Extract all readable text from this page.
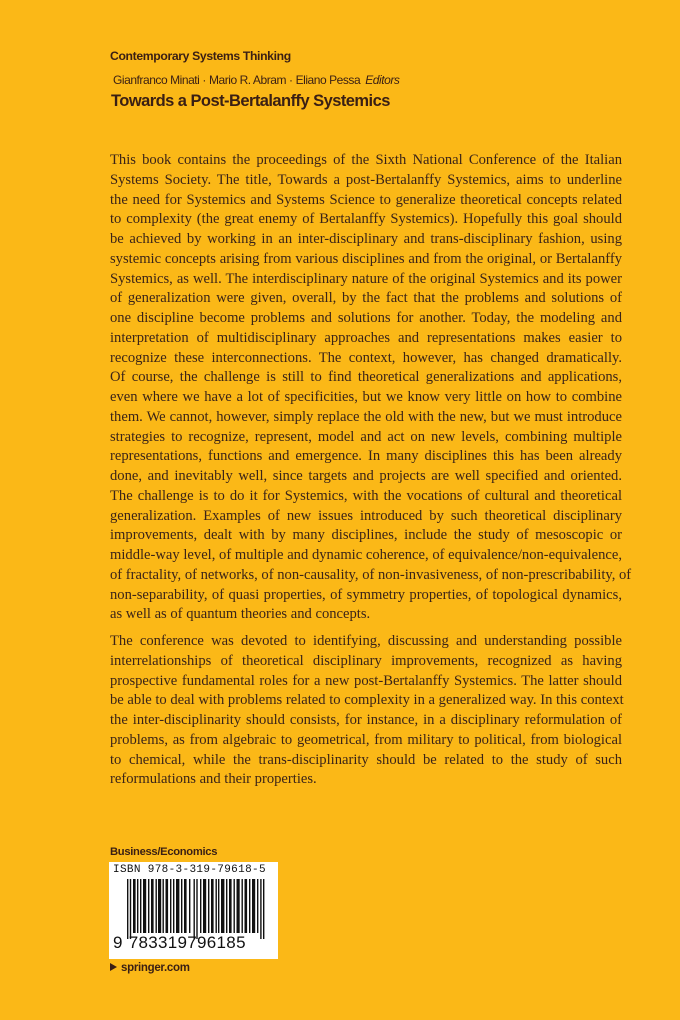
Contemporary Systems Thinking
Gianfranco Minati · Mario R. Abram · Eliano Pessa Editors
Towards a Post-Bertalanffy Systemics
This book contains the proceedings of the Sixth National Conference of the Italian
Systems Society. The title, Towards a post-Bertalanffy Systemics, aims to underline
the need for Systemics and Systems Science to generalize theoretical concepts related
to complexity (the great enemy of Bertalanffy Systemics). Hopefully this goal should
be achieved by working in an inter-disciplinary and trans-disciplinary fashion, using
systemic concepts arising from various disciplines and from the original, or Bertalanffy
Systemics, as well. The interdisciplinary nature of the original Systemics and its power
of generalization were given, overall, by the fact that the problems and solutions of
one discipline become problems and solutions for another. Today, the modeling and
interpretation of multidisciplinary approaches and representations makes easier to
recognize these interconnections. The context, however, has changed dramatically.
Of course, the challenge is still to find theoretical generalizations and applications,
even where we have a lot of specificities, but we know very little on how to combine
them. We cannot, however, simply replace the old with the new, but we must introduce
strategies to recognize, represent, model and act on new levels, combining multiple
representations, functions and emergence. In many disciplines this has been already
done, and inevitably well, since targets and projects are well specified and oriented.
The challenge is to do it for Systemics, with the vocations of cultural and theoretical
generalization. Examples of new issues introduced by such theoretical disciplinary
improvements, dealt with by many disciplines, include the study of mesoscopic or
middle-way level, of multiple and dynamic coherence, of equivalence/non-equivalence,
of fractality, of networks, of non-causality, of non-invasiveness, of non-prescribability, of
non-separability, of quasi properties, of symmetry properties, of topological dynamics,
as well as of quantum theories and concepts.
The conference was devoted to identifying, discussing and understanding possible
interrelationships of theoretical disciplinary improvements, recognized as having
prospective fundamental roles for a new post-Bertalanffy Systemics. The latter should
be able to deal with problems related to complexity in a generalized way. In this context
the inter-disciplinarity should consists, for instance, in a disciplinary reformulation of
problems, as from algebraic to geometrical, from military to political, from biological
to chemical, while the trans-disciplinarity should be related to the study of such
reformulations and their properties.
Business/Economics
ISBN 978-3-319-79618-5
9 783319796185
springer.com
